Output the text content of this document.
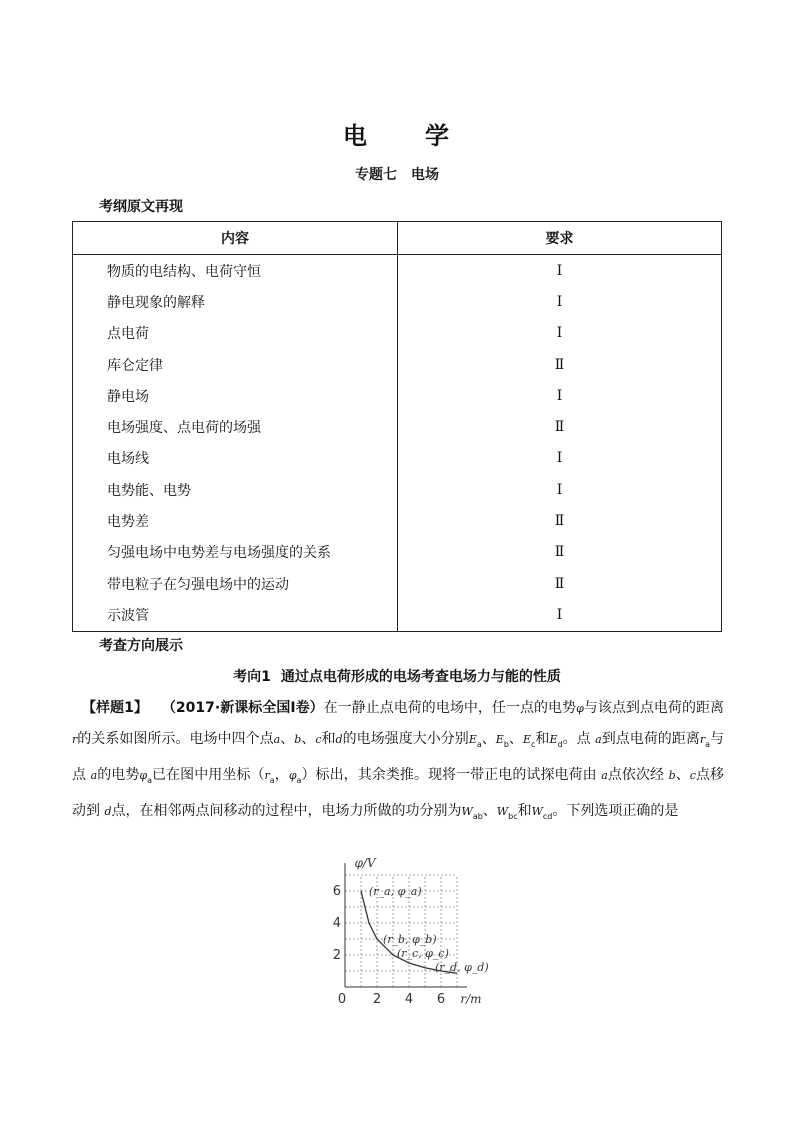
电 学
专题七 电场
考纲原文再现
内容	要求
物质的电结构、电荷守恒	Ⅰ
静电现象的解释	Ⅰ
点电荷	Ⅰ
库仑定律	Ⅱ
静电场	Ⅰ
电场强度、点电荷的场强	Ⅱ
电场线	Ⅰ
电势能、电势	Ⅰ
电势差	Ⅱ
匀强电场中电势差与电场强度的关系	Ⅱ
带电粒子在匀强电场中的运动	Ⅱ
示波管	Ⅰ
考查方向展示
考向1 通过点电荷形成的电场考查电场力与能的性质
【样题1】 （2017·新课标全国Ⅰ卷）在一静止点电荷的电场中，任一点的电势φ与该点到点电荷的距离r的关系如图所示。电场中四个点a、b、c和d的电场强度大小分别$E_a$、$E_b$、$E_c$和$E_d$。点 a到点电荷的距离$r_a$与点 a的电势$\varphi_a$已在图中用坐标（$r_a$，$\varphi_a$）标出，其余类推。现将一带正电的试探电荷由 a点依次经 b、c点移动到 d点，在相邻两点间移动的过程中，电场力所做的功分别为$W_{ab}$、$W_{bc}$和$W_{cd}$。下列选项正确的是
0 2 4 6
2
4
6
r/m
φ/V
(r_a, φ_a)
(r_b, φ_b)
(r_c, φ_c)
(r_d, φ_d)
